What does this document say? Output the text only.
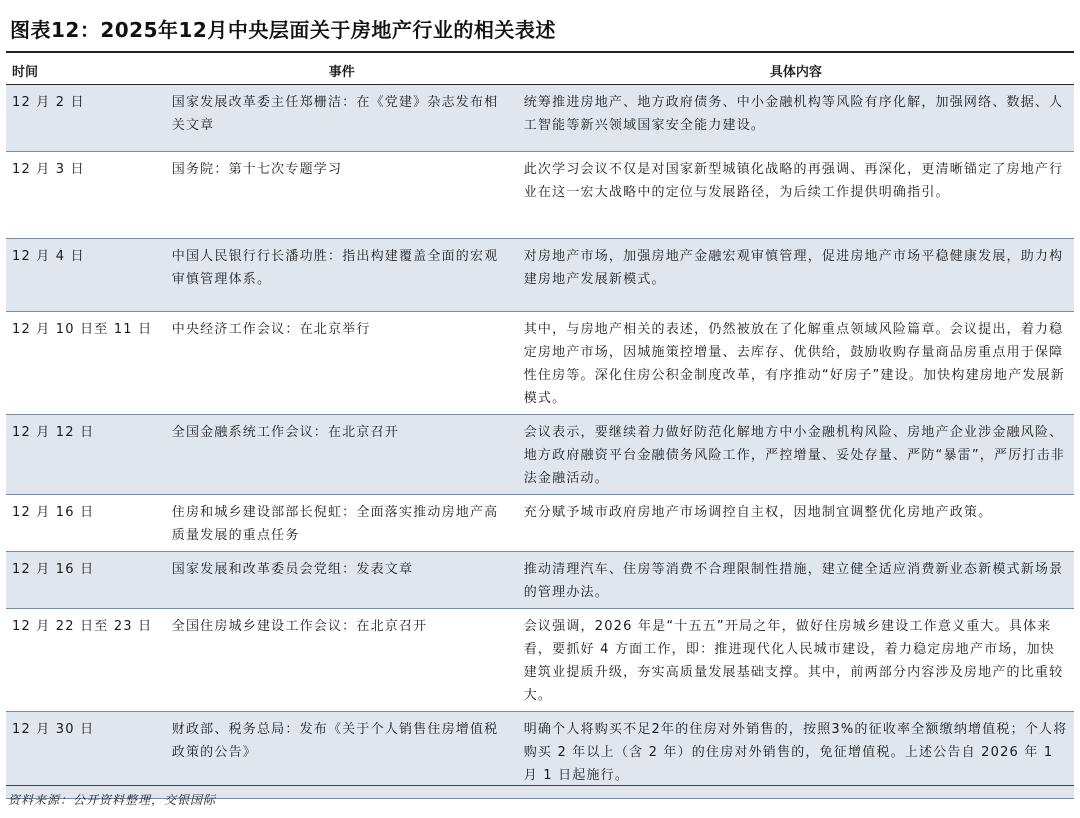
图表12：2025年12月中央层面关于房地产行业的相关表述
时间	事件	具体内容
12 月 2 日	国家发展改革委主任郑栅洁：在《党建》杂志发布相关文章	统筹推进房地产、地方政府债务、中小金融机构等风险有序化解，加强网络、数据、人工智能等新兴领域国家安全能力建设。
12 月 3 日	国务院：第十七次专题学习	此次学习会议不仅是对国家新型城镇化战略的再强调、再深化，更清晰锚定了房地产行业在这一宏大战略中的定位与发展路径，为后续工作提供明确指引。
12 月 4 日	中国人民银行行长潘功胜：指出构建覆盖全面的宏观审慎管理体系。	对房地产市场，加强房地产金融宏观审慎管理，促进房地产市场平稳健康发展，助力构建房地产发展新模式。
12 月 10 日至 11 日	中央经济工作会议：在北京举行	其中，与房地产相关的表述，仍然被放在了化解重点领域风险篇章。会议提出，着力稳定房地产市场，因城施策控增量、去库存、优供给，鼓励收购存量商品房重点用于保障性住房等。深化住房公积金制度改革，有序推动“好房子”建设。加快构建房地产发展新模式。
12 月 12 日	全国金融系统工作会议：在北京召开	会议表示，要继续着力做好防范化解地方中小金融机构风险、房地产企业涉金融风险、地方政府融资平台金融债务风险工作，严控增量、妥处存量、严防“暴雷”，严厉打击非法金融活动。
12 月 16 日	住房和城乡建设部部长倪虹：全面落实推动房地产高质量发展的重点任务	充分赋予城市政府房地产市场调控自主权，因地制宜调整优化房地产政策。
12 月 16 日	国家发展和改革委员会党组：发表文章	推动清理汽车、住房等消费不合理限制性措施，建立健全适应消费新业态新模式新场景的管理办法。
12 月 22 日至 23 日	全国住房城乡建设工作会议：在北京召开	会议强调，2026 年是“十五五”开局之年，做好住房城乡建设工作意义重大。具体来看，要抓好 4 方面工作，即：推进现代化人民城市建设，着力稳定房地产市场，加快建筑业提质升级，夯实高质量发展基础支撑。其中，前两部分内容涉及房地产的比重较大。
12 月 30 日	财政部、税务总局：发布《关于个人销售住房增值税政策的公告》	明确个人将购买不足2年的住房对外销售的，按照3%的征收率全额缴纳增值税；个人将购买 2 年以上（含 2 年）的住房对外销售的，免征增值税。上述公告自 2026 年 1 月 1 日起施行。
资料来源：公开资料整理，交银国际
